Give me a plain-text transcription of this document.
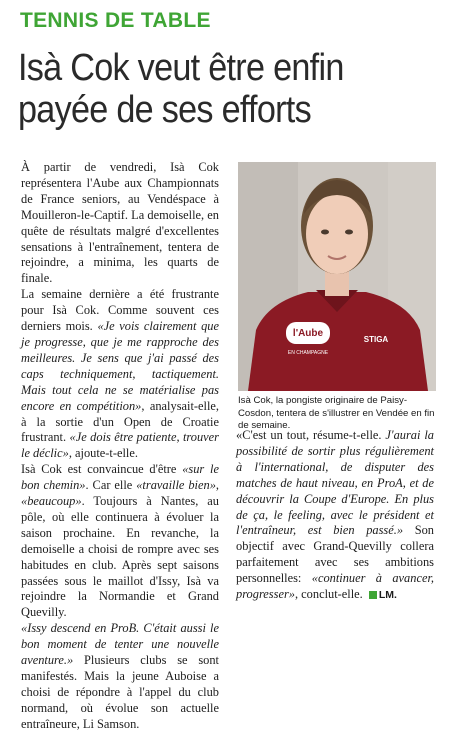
TENNIS DE TABLE
Isà Cok veut être enfin payée de ses efforts

À partir de vendredi, Isà Cok représentera l'Aube aux Championnats de France seniors, au Vendéspace à Mouilleron-le-Captif. La demoiselle, en quête de résultats malgré d'excellentes sensations à l'entraînement, tentera de rejoindre, a minima, les quarts de finale.

La semaine dernière a été frustrante pour Isà Cok. Comme souvent ces derniers mois. «Je vois clairement que je progresse, que je me rapproche des meilleures. Je sens que j'ai passé des caps techniquement, tactiquement. Mais tout cela ne se matérialise pas encore en compétition», analysait-elle, à la sortie d'un Open de Croatie frustrant. «Je dois être patiente, trouver le déclic», ajoute-t-elle.

Isà Cok est convaincue d'être «sur le bon chemin». Car elle «travaille bien», «beaucoup». Toujours à Nantes, au pôle, où elle continuera à évoluer la saison prochaine. En revanche, la demoiselle a choisi de rompre avec ses habitudes en club. Après sept saisons passées sous le maillot d'Issy, Isà va rejoindre la Normandie et Grand Quevilly.

«Issy descend en ProB. C'était aussi le bon moment de tenter une nouvelle aventure.» Plusieurs clubs se sont manifestés. Mais la jeune Auboise a choisi de répondre à l'appel du club normand, où évolue son actuelle entraîneure, Li Samson.

l'Aube
EN CHAMPAGNE
STIGA
Isà Cok, la pongiste originaire de Paisy-Cosdon, tentera de s'illustrer en Vendée en fin de semaine.

«C'est un tout, résume-t-elle. J'aurai la possibilité de sortir plus régulièrement à l'international, de disputer des matches de haut niveau, en ProA, et de découvrir la Coupe d'Europe. En plus de ça, le feeling, avec le président et l'entraîneur, est bien passé.» Son objectif avec Grand-Quevilly collera parfaitement avec ses ambitions personnelles: «continuer à avancer, progresser», conclut-elle. LM.
